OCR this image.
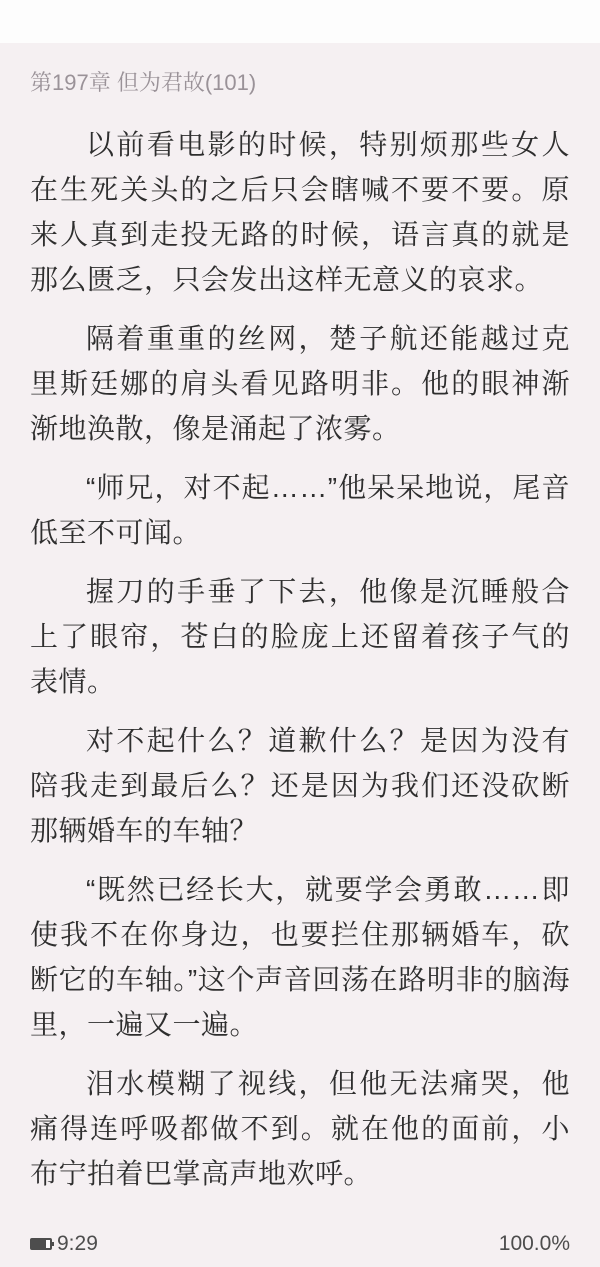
第197章 但为君故(101)

以前看电影的时候，特别烦那些女人在生死关头的之后只会瞎喊不要不要。原来人真到走投无路的时候，语言真的就是那么匮乏，只会发出这样无意义的哀求。

隔着重重的丝网，楚子航还能越过克里斯廷娜的肩头看见路明非。他的眼神渐渐地涣散，像是涌起了浓雾。

“师兄，对不起……”他呆呆地说，尾音低至不可闻。

握刀的手垂了下去，他像是沉睡般合上了眼帘，苍白的脸庞上还留着孩子气的表情。

对不起什么？道歉什么？是因为没有陪我走到最后么？还是因为我们还没砍断那辆婚车的车轴？

“既然已经长大，就要学会勇敢……即使我不在你身边，也要拦住那辆婚车，砍断它的车轴。”这个声音回荡在路明非的脑海里，一遍又一遍。

泪水模糊了视线，但他无法痛哭，他痛得连呼吸都做不到。就在他的面前，小布宁拍着巴掌高声地欢呼。

9:29	100.0%
